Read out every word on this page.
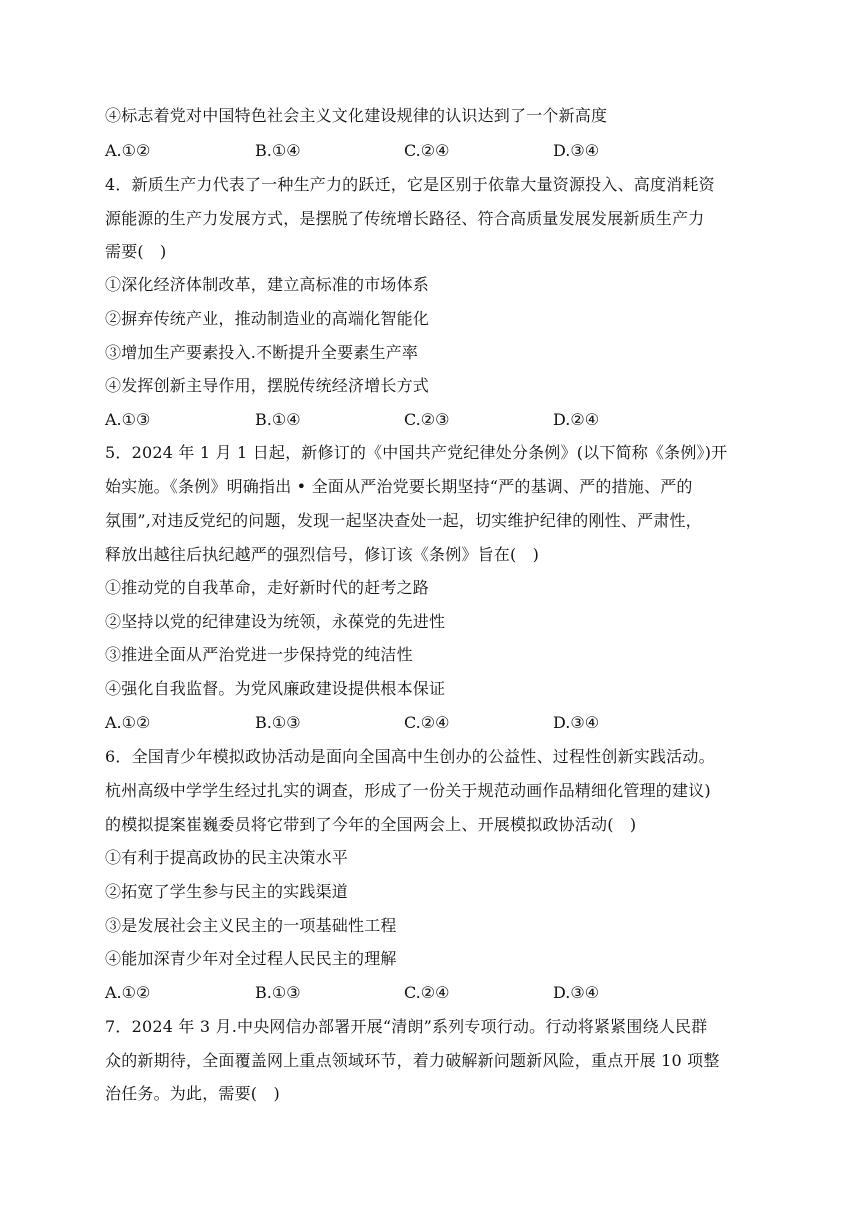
④标志着党对中国特色社会主义文化建设规律的认识达到了一个新高度
A.①②	B.①④	C.②④	D.③④
4．新质生产力代表了一种生产力的跃迁，它是区别于依靠大量资源投入、高度消耗资
源能源的生产力发展方式，是摆脱了传统增长路径、符合高质量发展发展新质生产力
需要(　)
①深化经济体制改革，建立高标准的市场体系
②摒弃传统产业，推动制造业的高端化智能化
③增加生产要素投入.不断提升全要素生产率
④发挥创新主导作用，摆脱传统经济增长方式
A.①③	B.①④	C.②③	D.②④
5．2024 年 1 月 1 日起，新修订的《中国共产党纪律处分条例》(以下简称《条例》)开
始实施。《条例》明确指出 • 全面从严治党要长期坚持“严的基调、严的措施、严的
氛围”,对违反党纪的问题，发现一起坚决查处一起，切实维护纪律的刚性、严肃性，
释放出越往后执纪越严的强烈信号，修订该《条例》旨在(　)
①推动党的自我革命，走好新时代的赶考之路
②坚持以党的纪律建设为统领，永葆党的先进性
③推进全面从严治党进一步保持党的纯洁性
④强化自我监督。为党风廉政建设提供根本保证
A.①②	B.①③	C.②④	D.③④
6．全国青少年模拟政协活动是面向全国高中生创办的公益性、过程性创新实践活动。
杭州高级中学学生经过扎实的调查，形成了一份关于规范动画作品精细化管理的建议)
的模拟提案崔巍委员将它带到了今年的全国两会上、开展模拟政协活动(　)
①有利于提高政协的民主决策水平
②拓宽了学生参与民主的实践渠道
③是发展社会主义民主的一项基础性工程
④能加深青少年对全过程人民民主的理解
A.①②	B.①③	C.②④	D.③④
7．2024 年 3 月.中央网信办部署开展“清朗”系列专项行动。行动将紧紧围绕人民群
众的新期待，全面覆盖网上重点领域环节，着力破解新问题新风险，重点开展 10 项整
治任务。为此，需要(　)
